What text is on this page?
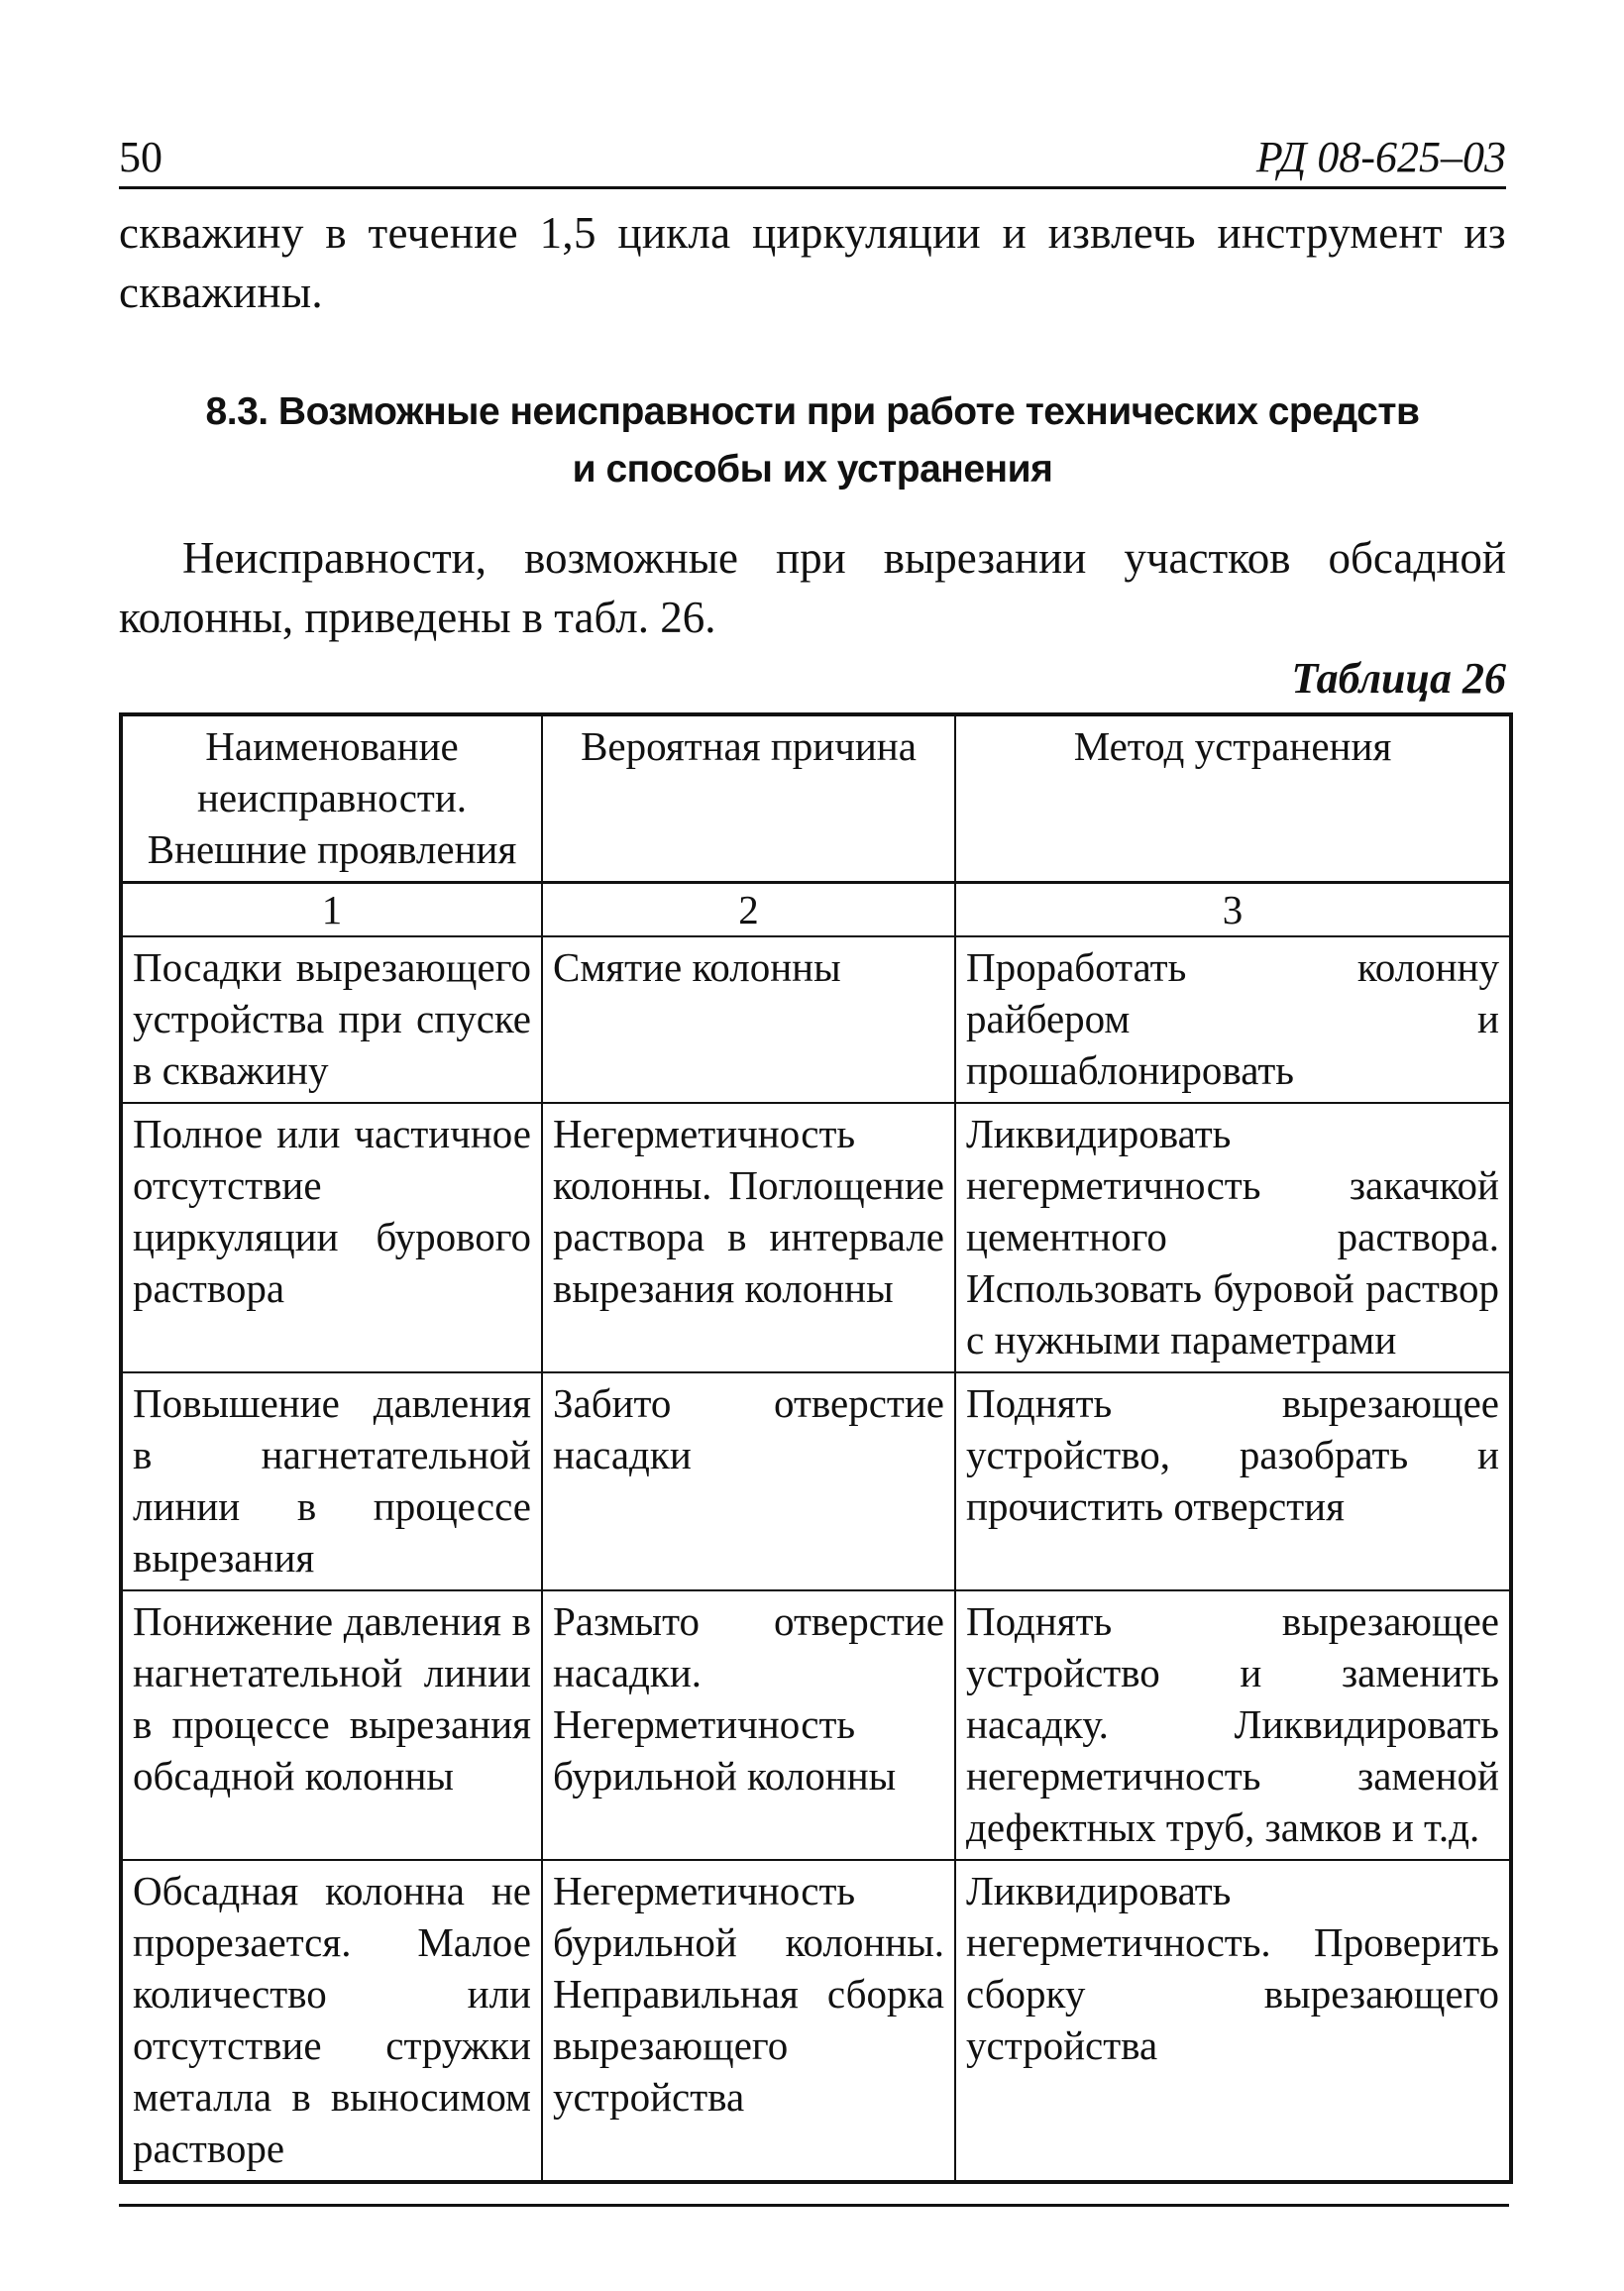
50	РД 08-625–03

скважину в течение 1,5 цикла циркуляции и извлечь инструмент из скважины.

8.3. Возможные неисправности при работе технических средств
и способы их устранения

Неисправности, возможные при вырезании участков обсадной колонны, приведены в табл. 26.

Таблица 26
Наименование неисправности. Внешние проявления	Вероятная причина	Метод устранения
1	2	3
Посадки вырезающего устройства при спуске в скважину	Смятие колонны	Проработать колонну райбером и прошаблонировать
Полное или частичное отсутствие циркуляции бурового раствора	Негерметичность колонны. Поглощение раствора в интервале вырезания колонны	Ликвидировать негерметичность закачкой цементного раствора. Использовать буровой раствор с нужными параметрами
Повышение давления в нагнетательной линии в процессе вырезания	Забито отверстие насадки	Поднять вырезающее устройство, разобрать и прочистить отверстия
Понижение давления в нагнетательной линии в процессе вырезания обсадной колонны	Размыто отверстие насадки. Негерметичность бурильной колонны	Поднять вырезающее устройство и заменить насадку. Ликвидировать негерметичность заменой дефектных труб, замков и т.д.
Обсадная колонна не прорезается. Малое количество или отсутствие стружки металла в выносимом растворе	Негерметичность бурильной колонны. Неправильная сборка вырезающего устройства	Ликвидировать негерметичность. Проверить сборку вырезающего устройства
